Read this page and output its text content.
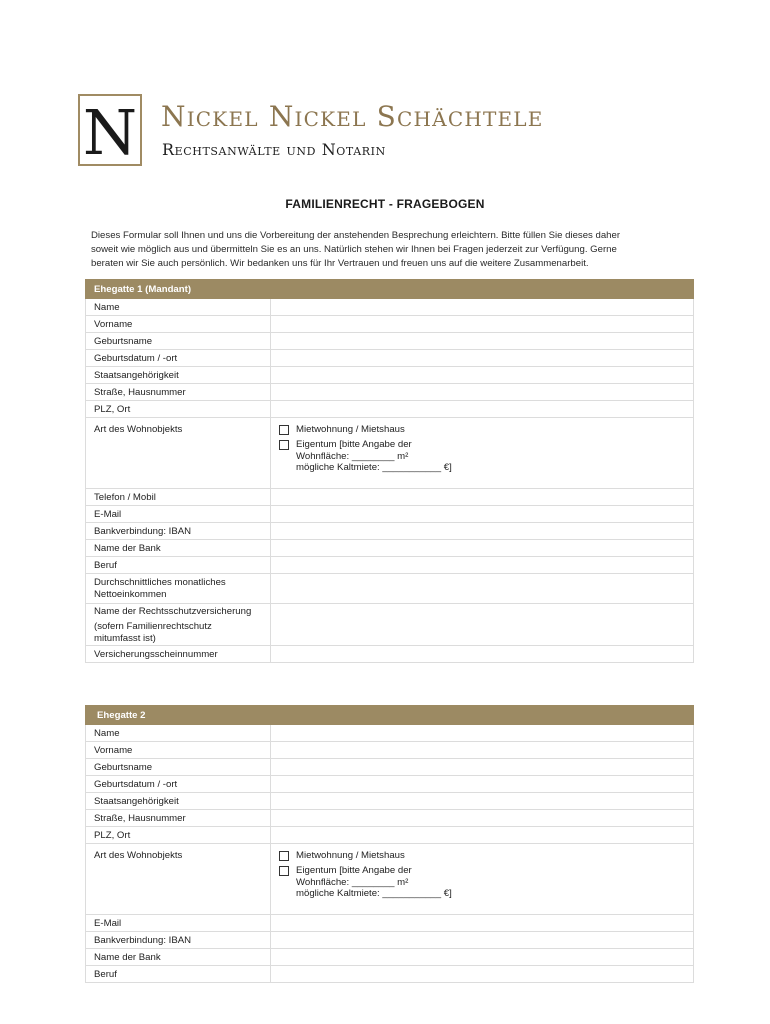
N Nickel Nickel Schächtele
Rechtsanwälte und Notarin
FAMILIENRECHT - FRAGEBOGEN
Dieses Formular soll Ihnen und uns die Vorbereitung der anstehenden Besprechung erleichtern. Bitte füllen Sie dieses daher
soweit wie möglich aus und übermitteln Sie es an uns. Natürlich stehen wir Ihnen bei Fragen jederzeit zur Verfügung. Gerne
beraten wir Sie auch persönlich. Wir bedanken uns für Ihr Vertrauen und freuen uns auf die weitere Zusammenarbeit.
Ehegatte 1 (Mandant)	
Name	
Vorname	
Geburtsname	
Geburtsdatum / -ort	
Staatsangehörigkeit	
Straße, Hausnummer	
PLZ, Ort	
Art des Wohnobjekts	Mietwohnung / Mietshaus
Eigentum [bitte Angabe der
Wohnfläche: ________ m²
mögliche Kaltmiete: ___________ €]

Telefon / Mobil	
E-Mail	
Bankverbindung: IBAN	
Name der Bank	
Beruf	

Durchschnittliches monatliches
Nettoeinkommen	

Name der Rechtsschutzversicherung
(sofern Familienrechtschutz
mitumfasst ist)	

Versicherungsscheinnummer	
Ehegatte 2	
Name	
Vorname	
Geburtsname	
Geburtsdatum / -ort	
Staatsangehörigkeit	
Straße, Hausnummer	
PLZ, Ort	
Art des Wohnobjekts	Mietwohnung / Mietshaus
Eigentum [bitte Angabe der
Wohnfläche: ________ m²
mögliche Kaltmiete: ___________ €]

E-Mail	
Bankverbindung: IBAN	
Name der Bank	
Beruf	
